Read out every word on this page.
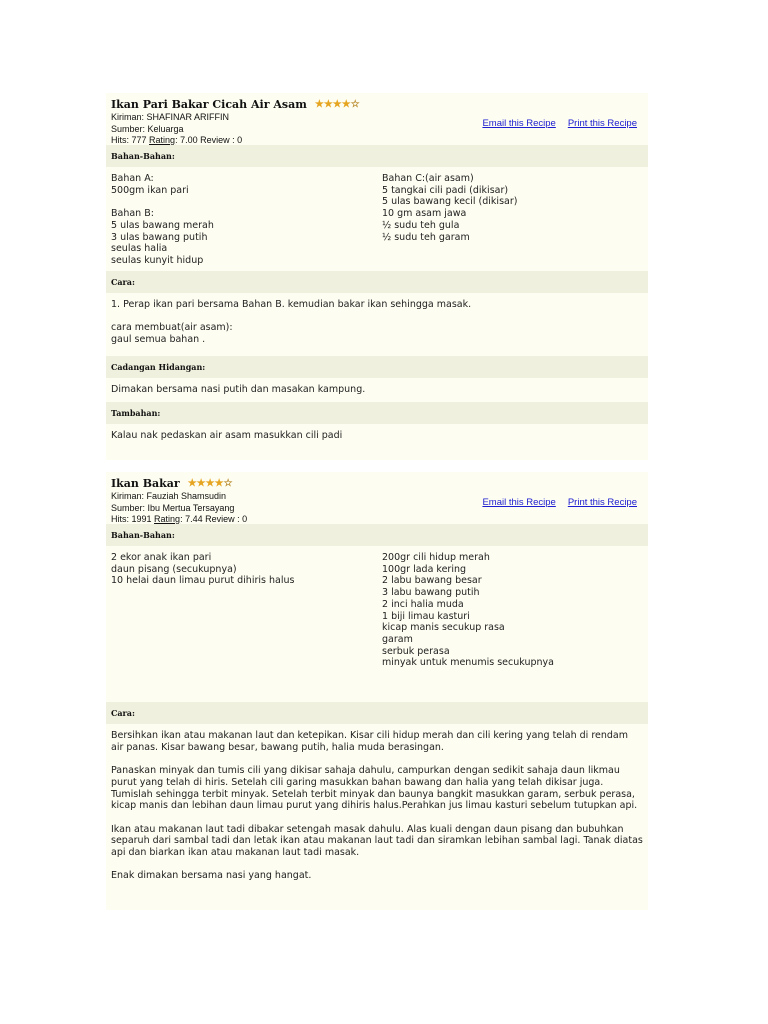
Ikan Pari Bakar Cicah Air Asam ★ ★ ★ ★ ☆
Kiriman: SHAFINAR ARIFFIN
Sumber: Keluarga
Hits: 777 Rating: 7.00 Review : 0
Email this Recipe Print this Recipe
Bahan-Bahan:
Bahan A:
500gm ikan pari
Bahan B:
5 ulas bawang merah
3 ulas bawang putih
seulas halia
seulas kunyit hidup
Bahan C:(air asam)
5 tangkai cili padi (dikisar)
5 ulas bawang kecil (dikisar)
10 gm asam jawa
½ sudu teh gula
½ sudu teh garam
Cara:
1. Perap ikan pari bersama Bahan B. kemudian bakar ikan sehingga masak.
cara membuat(air asam):
gaul semua bahan .
Cadangan Hidangan:
Dimakan bersama nasi putih dan masakan kampung.
Tambahan:
Kalau nak pedaskan air asam masukkan cili padi
Ikan Bakar ★ ★ ★ ★ ☆
Kiriman: Fauziah Shamsudin
Sumber: Ibu Mertua Tersayang
Hits: 1991 Rating: 7.44 Review : 0
Email this Recipe Print this Recipe
Bahan-Bahan:
2 ekor anak ikan pari
daun pisang (secukupnya)
10 helai daun limau purut dihiris halus
200gr cili hidup merah
100gr lada kering
2 labu bawang besar
3 labu bawang putih
2 inci halia muda
1 biji limau kasturi
kicap manis secukup rasa
garam
serbuk perasa
minyak untuk menumis secukupnya
Cara:
Bersihkan ikan atau makanan laut dan ketepikan. Kisar cili hidup merah dan cili kering yang telah di rendam
air panas. Kisar bawang besar, bawang putih, halia muda berasingan.
Panaskan minyak dan tumis cili yang dikisar sahaja dahulu, campurkan dengan sedikit sahaja daun likmau
purut yang telah di hiris. Setelah cili garing masukkan bahan bawang dan halia yang telah dikisar juga.
Tumislah sehingga terbit minyak. Setelah terbit minyak dan baunya bangkit masukkan garam, serbuk perasa,
kicap manis dan lebihan daun limau purut yang dihiris halus.Perahkan jus limau kasturi sebelum tutupkan api.
Ikan atau makanan laut tadi dibakar setengah masak dahulu. Alas kuali dengan daun pisang dan bubuhkan
separuh dari sambal tadi dan letak ikan atau makanan laut tadi dan siramkan lebihan sambal lagi. Tanak diatas
api dan biarkan ikan atau makanan laut tadi masak.
Enak dimakan bersama nasi yang hangat.
